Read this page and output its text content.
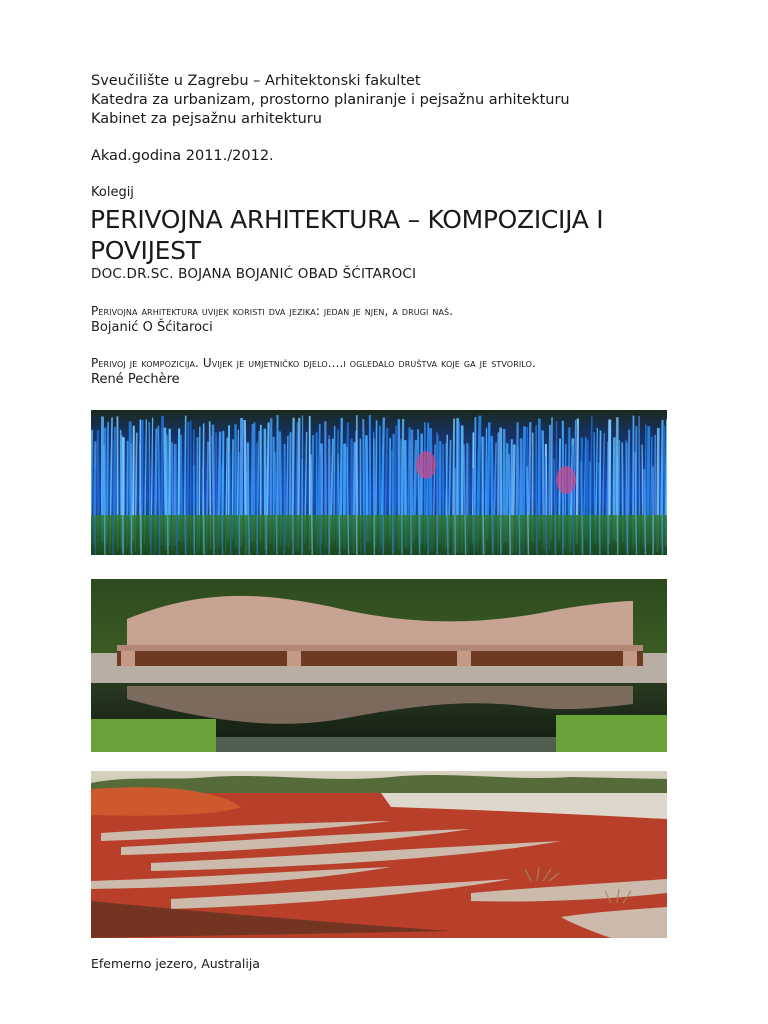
Sveučilište u Zagrebu – Arhitektonski fakultet
Katedra za urbanizam, prostorno planiranje i pejsažnu arhitekturu
Kabinet za pejsažnu arhitekturu
Akad.godina 2011./2012.
Kolegij
PERIVOJNA ARHITEKTURA – KOMPOZICIJA I POVIJEST
DOC.DR.SC. BOJANA BOJANIĆ OBAD ŠĆITAROCI
Perivojna arhitektura uvijek koristi dva jezika: jedan je njen, a drugi naš.
Bojanić O Šćitaroci
Perivoj je kompozicija. Uvijek je umjetničko djelo....i ogledalo društva koje ga je stvorilo.
René Pechère
Efemerno jezero, Australija
